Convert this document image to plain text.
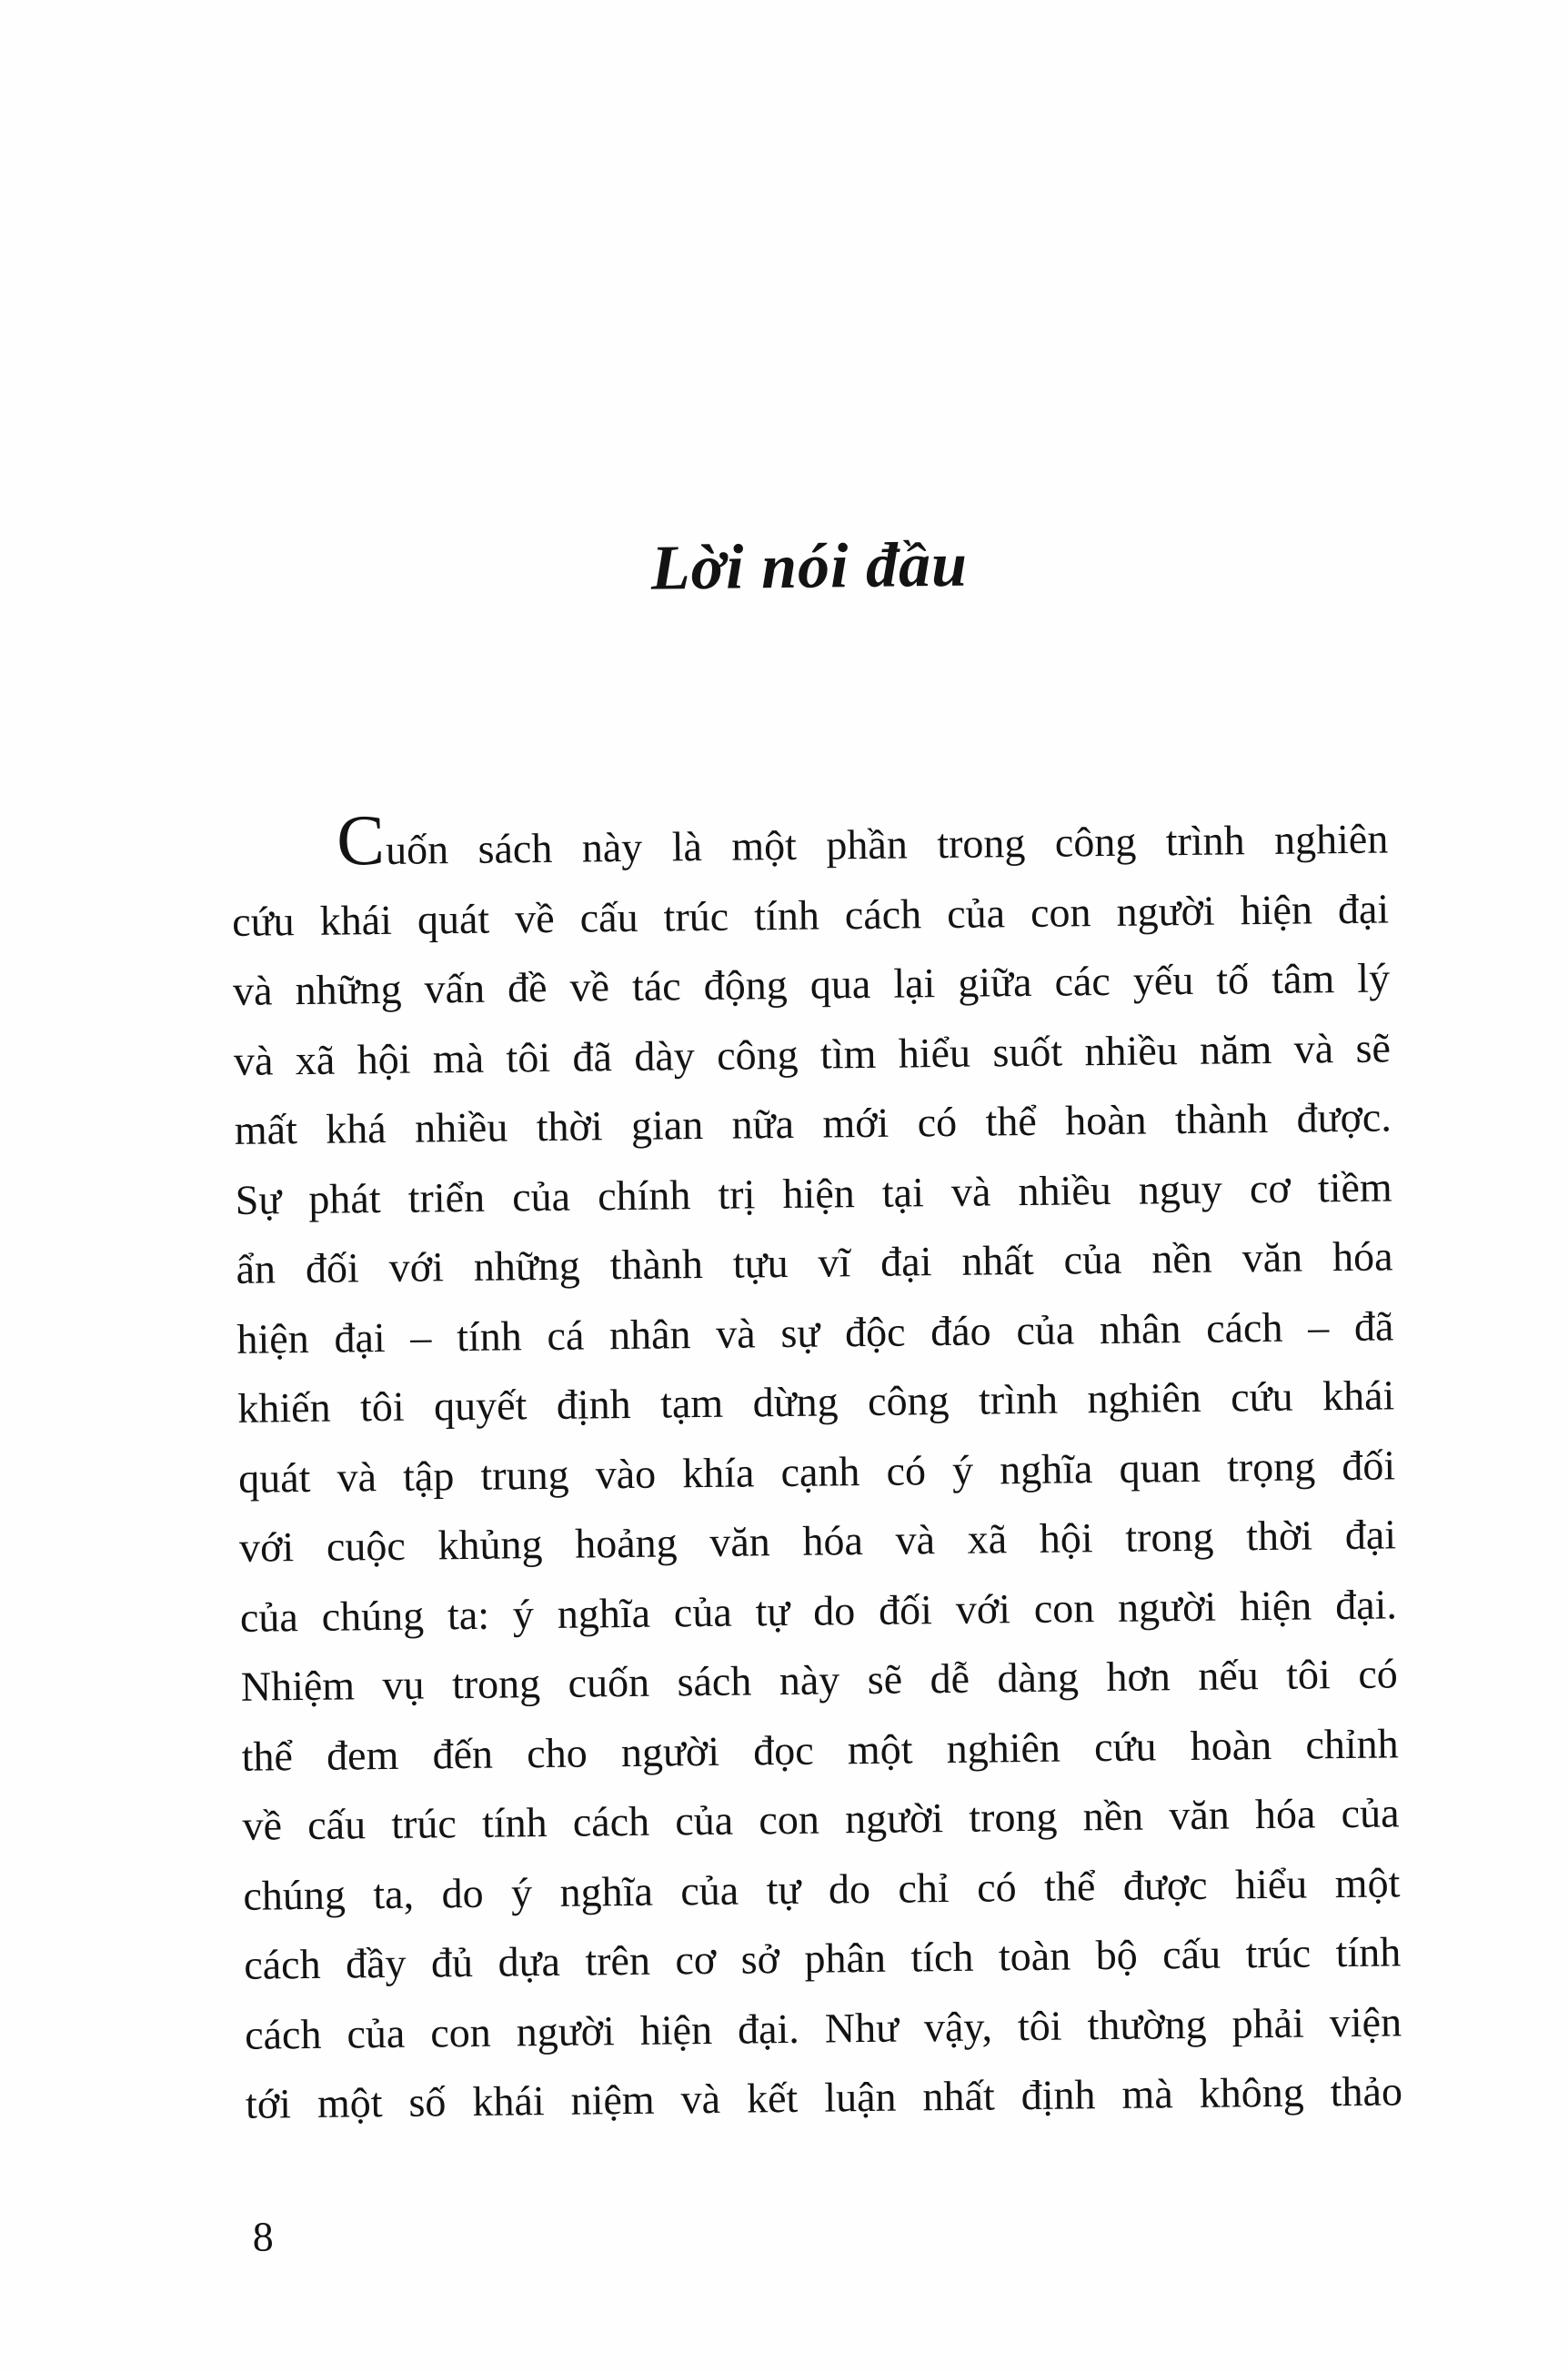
Lời nói đầu
Cuốn sách này là một phần trong công trình nghiên
cứu khái quát về cấu trúc tính cách của con người hiện đại
và những vấn đề về tác động qua lại giữa các yếu tố tâm lý
và xã hội mà tôi đã dày công tìm hiểu suốt nhiều năm và sẽ
mất khá nhiều thời gian nữa mới có thể hoàn thành được.
Sự phát triển của chính trị hiện tại và nhiều nguy cơ tiềm
ẩn đối với những thành tựu vĩ đại nhất của nền văn hóa
hiện đại – tính cá nhân và sự độc đáo của nhân cách – đã
khiến tôi quyết định tạm dừng công trình nghiên cứu khái
quát và tập trung vào khía cạnh có ý nghĩa quan trọng đối
với cuộc khủng hoảng văn hóa và xã hội trong thời đại
của chúng ta: ý nghĩa của tự do đối với con người hiện đại.
Nhiệm vụ trong cuốn sách này sẽ dễ dàng hơn nếu tôi có
thể đem đến cho người đọc một nghiên cứu hoàn chỉnh
về cấu trúc tính cách của con người trong nền văn hóa của
chúng ta, do ý nghĩa của tự do chỉ có thể được hiểu một
cách đầy đủ dựa trên cơ sở phân tích toàn bộ cấu trúc tính
cách của con người hiện đại. Như vậy, tôi thường phải viện
tới một số khái niệm và kết luận nhất định mà không thảo
8
